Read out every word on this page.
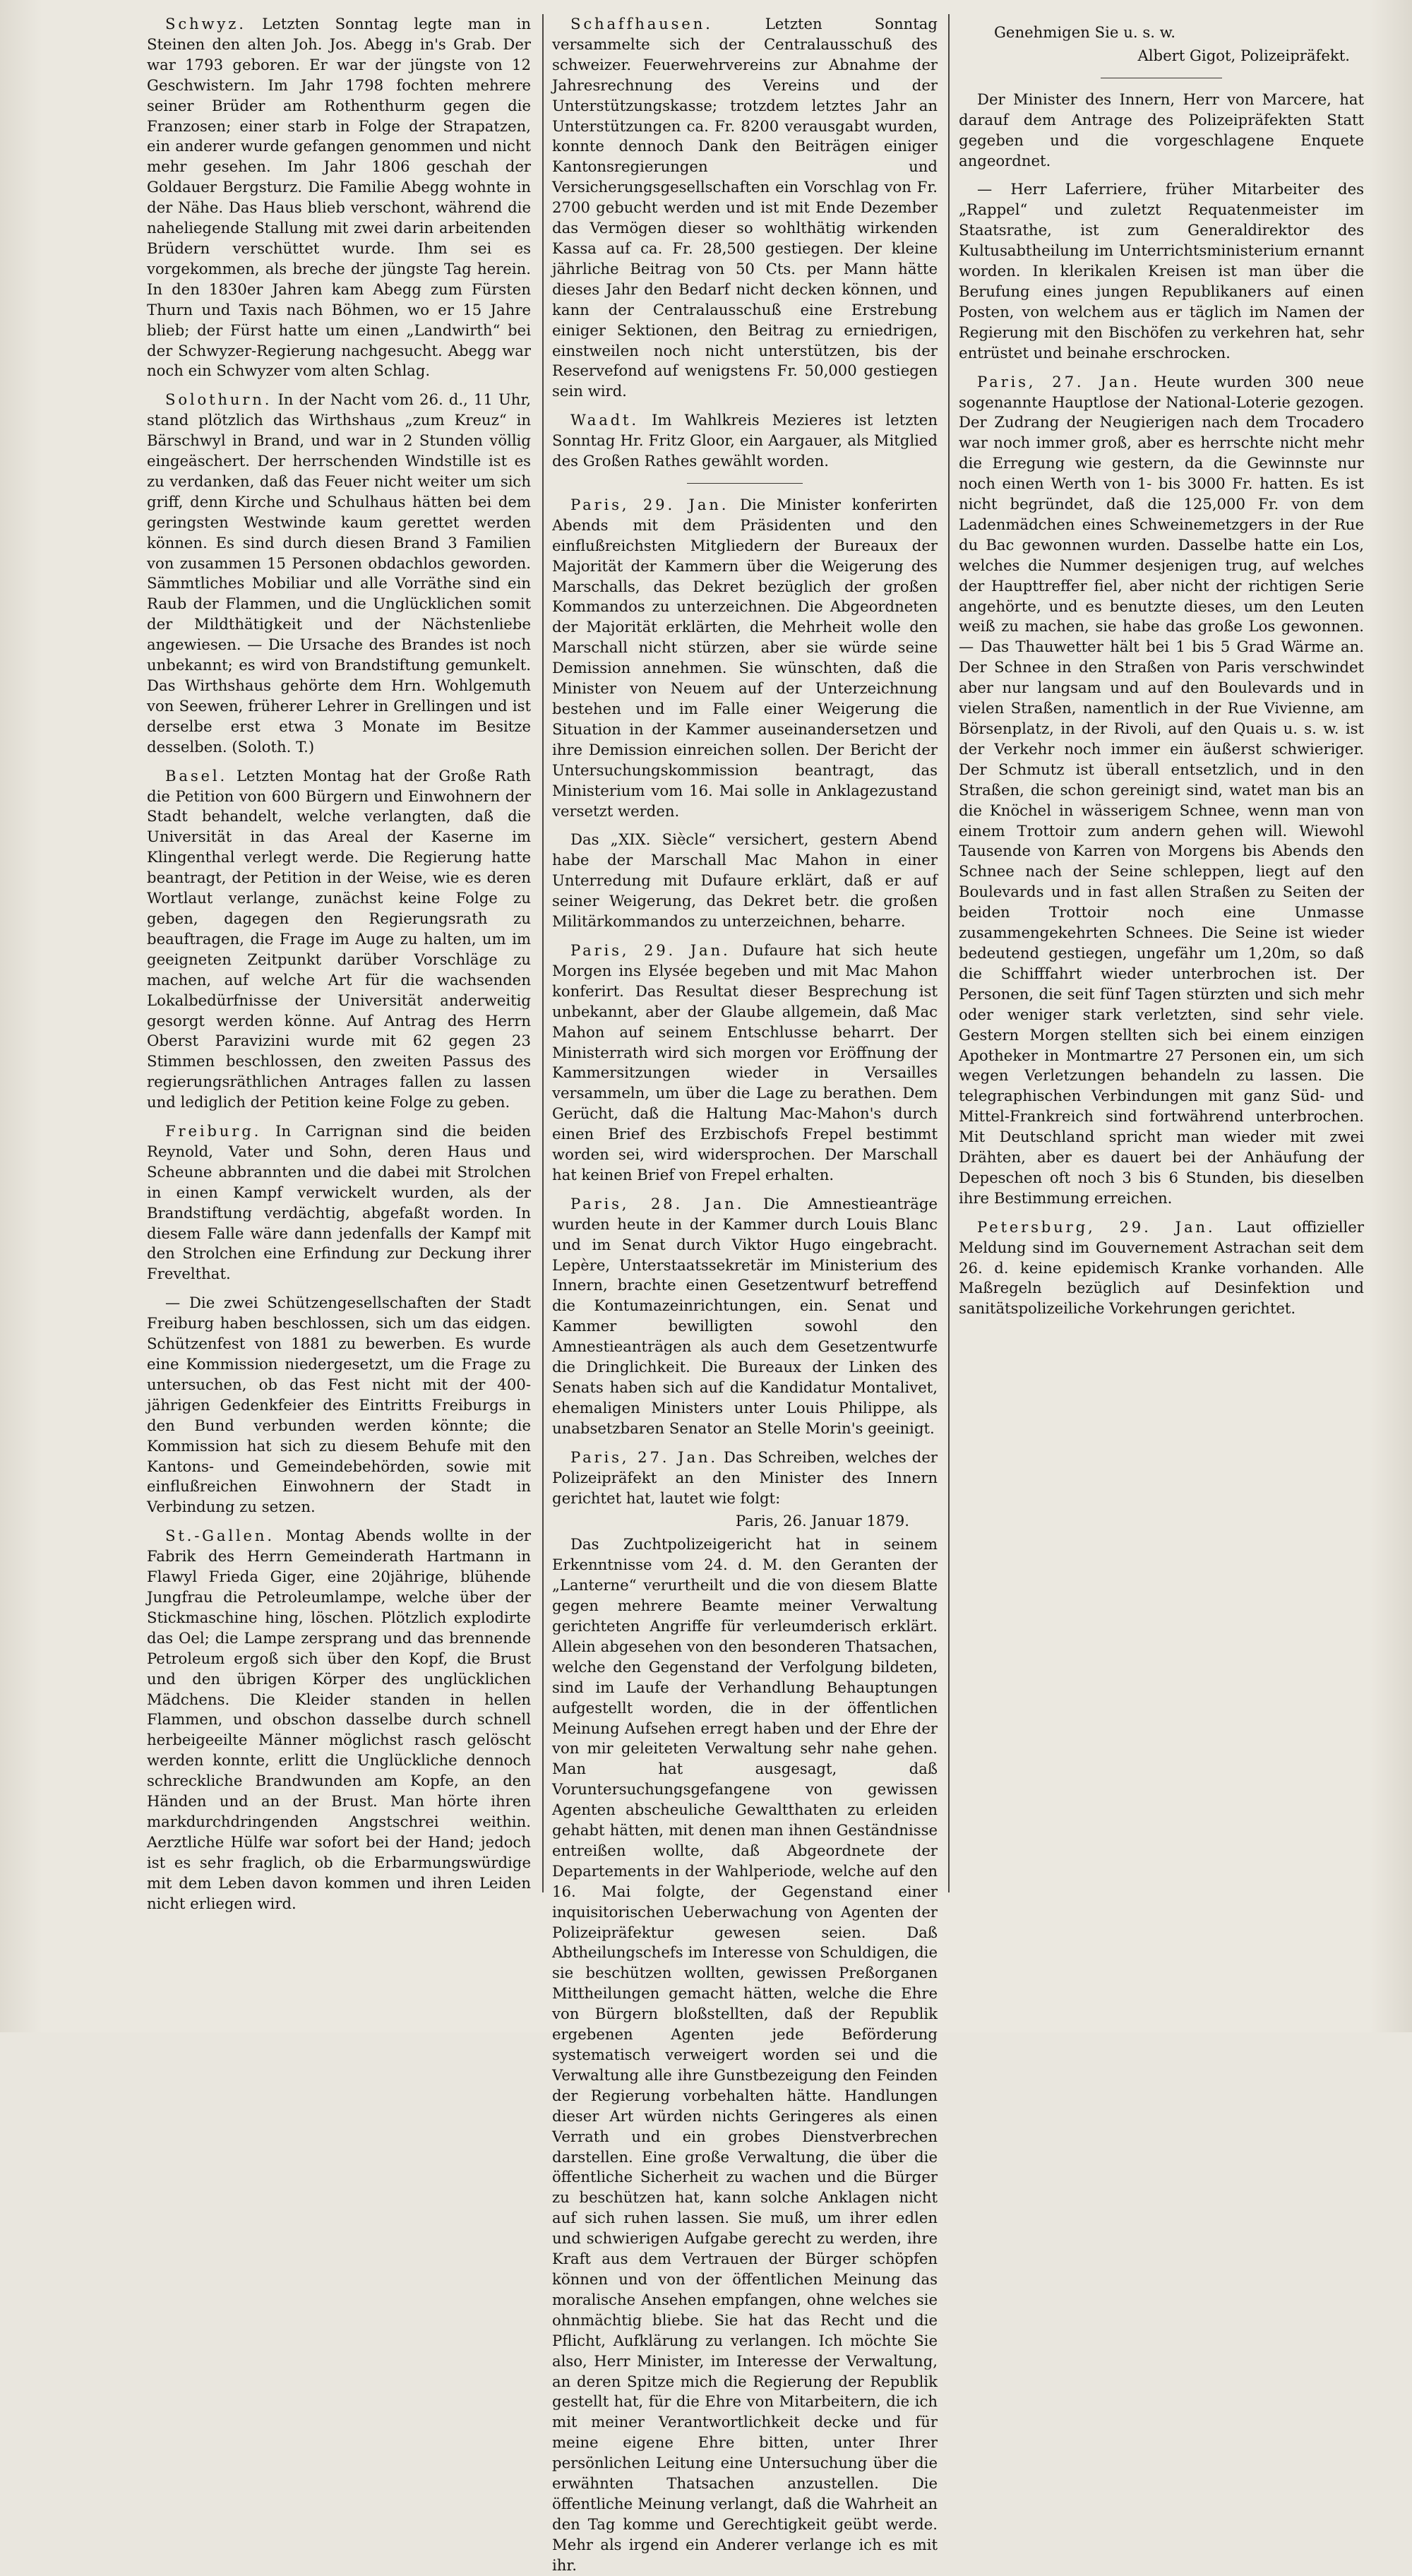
Schwyz. Letzten Sonntag legte man in Steinen den alten Joh. Jos. Abegg in's Grab. Der war 1793 geboren. Er war der jüngste von 12 Geschwistern. Im Jahr 1798 fochten mehrere seiner Brüder am Rothenthurm gegen die Franzosen; einer starb in Folge der Strapatzen, ein anderer wurde gefangen genommen und nicht mehr gesehen. Im Jahr 1806 geschah der Goldauer Bergsturz. Die Familie Abegg wohnte in der Nähe. Das Haus blieb verschont, während die naheliegende Stallung mit zwei darin arbeitenden Brüdern verschüttet wurde. Ihm sei es vorgekommen, als breche der jüngste Tag herein. In den 1830er Jahren kam Abegg zum Fürsten Thurn und Taxis nach Böhmen, wo er 15 Jahre blieb; der Fürst hatte um einen „Landwirth“ bei der Schwyzer-Regierung nachgesucht. Abegg war noch ein Schwyzer vom alten Schlag.
Solothurn. In der Nacht vom 26. d., 11 Uhr, stand plötzlich das Wirthshaus „zum Kreuz“ in Bärschwyl in Brand, und war in 2 Stunden völlig eingeäschert. Der herrschenden Windstille ist es zu verdanken, daß das Feuer nicht weiter um sich griff, denn Kirche und Schulhaus hätten bei dem geringsten Westwinde kaum gerettet werden können. Es sind durch diesen Brand 3 Familien von zusammen 15 Personen obdachlos geworden. Sämmtliches Mobiliar und alle Vorräthe sind ein Raub der Flammen, und die Unglücklichen somit der Mildthätigkeit und der Nächstenliebe angewiesen. — Die Ursache des Brandes ist noch unbekannt; es wird von Brandstiftung gemunkelt. Das Wirthshaus gehörte dem Hrn. Wohlgemuth von Seewen, früherer Lehrer in Grellingen und ist derselbe erst etwa 3 Monate im Besitze desselben. (Soloth. T.)
Basel. Letzten Montag hat der Große Rath die Petition von 600 Bürgern und Einwohnern der Stadt behandelt, welche verlangten, daß die Universität in das Areal der Kaserne im Klingenthal verlegt werde. Die Regierung hatte beantragt, der Petition in der Weise, wie es deren Wortlaut verlange, zunächst keine Folge zu geben, dagegen den Regierungsrath zu beauftragen, die Frage im Auge zu halten, um im geeigneten Zeitpunkt darüber Vorschläge zu machen, auf welche Art für die wachsenden Lokalbedürfnisse der Universität anderweitig gesorgt werden könne. Auf Antrag des Herrn Oberst Paravizini wurde mit 62 gegen 23 Stimmen beschlossen, den zweiten Passus des regierungsräthlichen Antrages fallen zu lassen und lediglich der Petition keine Folge zu geben.
Freiburg. In Carrignan sind die beiden Reynold, Vater und Sohn, deren Haus und Scheune abbrannten und die dabei mit Strolchen in einen Kampf verwickelt wurden, als der Brandstiftung verdächtig, abgefaßt worden. In diesem Falle wäre dann jedenfalls der Kampf mit den Strolchen eine Erfindung zur Deckung ihrer Frevelthat.
— Die zwei Schützengesellschaften der Stadt Freiburg haben beschlossen, sich um das eidgen. Schützenfest von 1881 zu bewerben. Es wurde eine Kommission niedergesetzt, um die Frage zu untersuchen, ob das Fest nicht mit der 400-jährigen Gedenkfeier des Eintritts Freiburgs in den Bund verbunden werden könnte; die Kommission hat sich zu diesem Behufe mit den Kantons- und Gemeindebehörden, sowie mit einflußreichen Einwohnern der Stadt in Verbindung zu setzen.
St.-Gallen. Montag Abends wollte in der Fabrik des Herrn Gemeinderath Hartmann in Flawyl Frieda Giger, eine 20jährige, blühende Jungfrau die Petroleumlampe, welche über der Stickmaschine hing, löschen. Plötzlich explodirte das Oel; die Lampe zersprang und das brennende Petroleum ergoß sich über den Kopf, die Brust und den übrigen Körper des unglücklichen Mädchens. Die Kleider standen in hellen Flammen, und obschon dasselbe durch schnell herbeigeeilte Männer möglichst rasch gelöscht werden konnte, erlitt die Unglückliche dennoch schreckliche Brandwunden am Kopfe, an den Händen und an der Brust. Man hörte ihren markdurchdringenden Angstschrei weithin. Aerztliche Hülfe war sofort bei der Hand; jedoch ist es sehr fraglich, ob die Erbarmungswürdige mit dem Leben davon kommen und ihren Leiden nicht erliegen wird.
Schaffhausen.	Letzten Sonntag versammelte sich der Centralausschuß des schweizer. Feuerwehrvereins zur Abnahme der Jahresrechnung des Vereins und der Unterstützungskasse; trotzdem letztes Jahr an Unterstützungen ca. Fr. 8200 verausgabt wurden, konnte dennoch Dank den Beiträgen einiger Kantonsregierungen und Versicherungsgesellschaften ein Vorschlag von Fr. 2700 gebucht werden und ist mit Ende Dezember das Vermögen dieser so wohlthätig wirkenden Kassa auf ca. Fr. 28,500 gestiegen. Der kleine jährliche Beitrag von 50 Cts. per Mann hätte dieses Jahr den Bedarf nicht decken können, und kann der Centralausschuß eine Erstrebung einiger Sektionen, den Beitrag zu erniedrigen, einstweilen noch nicht unterstützen, bis der Reservefond auf wenigstens Fr. 50,000 gestiegen sein wird.
Waadt. Im Wahlkreis Mezieres ist letzten Sonntag Hr. Fritz Gloor, ein Aargauer, als Mitglied des Großen Rathes gewählt worden.
Paris, 29. Jan. Die Minister konferirten Abends mit dem Präsidenten und den einflußreichsten Mitgliedern der Bureaux der Majorität der Kammern über die Weigerung des Marschalls, das Dekret bezüglich der großen Kommandos zu unterzeichnen. Die Abgeordneten der Majorität erklärten, die Mehrheit wolle den Marschall nicht stürzen, aber sie würde seine Demission annehmen. Sie wünschten, daß die Minister von Neuem auf der Unterzeichnung bestehen und im Falle einer Weigerung die Situation in der Kammer auseinandersetzen und ihre Demission einreichen sollen. Der Bericht der Untersuchungskommission beantragt, das Ministerium vom 16. Mai solle in Anklagezustand versetzt werden.
Das „XIX. Siècle“ versichert, gestern Abend habe der Marschall Mac Mahon in einer Unterredung mit Dufaure erklärt, daß er auf seiner Weigerung, das Dekret betr. die großen Militärkommandos zu unterzeichnen, beharre.
Paris, 29. Jan. Dufaure hat sich heute Morgen ins Elysée begeben und mit Mac Mahon konferirt. Das Resultat dieser Besprechung ist unbekannt, aber der Glaube allgemein, daß Mac Mahon auf seinem Entschlusse beharrt. Der Ministerrath wird sich morgen vor Eröffnung der Kammersitzungen wieder in Versailles versammeln, um über die Lage zu berathen. Dem Gerücht, daß die Haltung Mac-Mahon's durch einen Brief des Erzbischofs Frepel bestimmt worden sei, wird widersprochen. Der Marschall hat keinen Brief von Frepel erhalten.
Paris, 28. Jan. Die Amnestieanträge wurden heute in der Kammer durch Louis Blanc und im Senat durch Viktor Hugo eingebracht. Lepère, Unterstaatssekretär im Ministerium des Innern, brachte einen Gesetzentwurf betreffend die Kontumazeinrichtungen, ein. Senat und Kammer bewilligten sowohl den Amnestieanträgen als auch dem Gesetzentwurfe die Dringlichkeit. Die Bureaux der Linken des Senats haben sich auf die Kandidatur Montalivet, ehemaligen Ministers unter Louis Philippe, als unabsetzbaren Senator an Stelle Morin's geeinigt.
Paris, 27. Jan. Das Schreiben, welches der Polizeipräfekt an den Minister des Innern gerichtet hat, lautet wie folgt:
Paris, 26. Januar 1879.
Das Zuchtpolizeigericht hat in seinem Erkenntnisse vom 24. d. M. den Geranten der „Lanterne“ verurtheilt und die von diesem Blatte gegen mehrere Beamte meiner Verwaltung gerichteten Angriffe für verleumderisch erklärt. Allein abgesehen von den besonderen Thatsachen, welche den Gegenstand der Verfolgung bildeten, sind im Laufe der Verhandlung Behauptungen aufgestellt worden, die in der öffentlichen Meinung Aufsehen erregt haben und der Ehre der von mir geleiteten Verwaltung sehr nahe gehen. Man hat ausgesagt, daß Voruntersuchungsgefangene von gewissen Agenten abscheuliche Gewaltthaten zu erleiden gehabt hätten, mit denen man ihnen Geständnisse entreißen wollte, daß Abgeordnete der Departements in der Wahlperiode, welche auf den 16. Mai folgte, der Gegenstand einer inquisitorischen Ueberwachung von Agenten der Polizeipräfektur gewesen seien. Daß Abtheilungschefs im Interesse von Schuldigen, die sie beschützen wollten, gewissen Preßorganen Mittheilungen gemacht hätten, welche die Ehre von Bürgern bloßstellten, daß der Republik ergebenen Agenten jede Beförderung systematisch verweigert worden sei und die Verwaltung alle ihre Gunstbezeigung den Feinden der Regierung vorbehalten hätte. Handlungen dieser Art würden nichts Geringeres als einen Verrath und ein grobes Dienstverbrechen darstellen. Eine große Verwaltung, die über die öffentliche Sicherheit zu wachen und die Bürger zu beschützen hat, kann solche Anklagen nicht auf sich ruhen lassen. Sie muß, um ihrer edlen und schwierigen Aufgabe gerecht zu werden, ihre Kraft aus dem Vertrauen der Bürger schöpfen können und von der öffentlichen Meinung das moralische Ansehen empfangen, ohne welches sie ohnmächtig bliebe. Sie hat das Recht und die Pflicht, Aufklärung zu verlangen. Ich möchte Sie also, Herr Minister, im Interesse der Verwaltung, an deren Spitze mich die Regierung der Republik gestellt hat, für die Ehre von Mitarbeitern, die ich mit meiner Verantwortlichkeit decke und für meine eigene Ehre bitten, unter Ihrer persönlichen Leitung eine Untersuchung über die erwähnten Thatsachen anzustellen. Die öffentliche Meinung verlangt, daß die Wahrheit an den Tag komme und Gerechtigkeit geübt werde. Mehr als irgend ein Anderer verlange ich es mit ihr.
Genehmigen Sie u. s. w.
Albert Gigot, Polizeipräfekt.
Der Minister des Innern, Herr von Marcere, hat darauf dem Antrage des Polizeipräfekten Statt gegeben und die vorgeschlagene Enquete angeordnet.
— Herr Laferriere, früher Mitarbeiter des „Rappel“ und zuletzt Requatenmeister im Staatsrathe, ist zum Generaldirektor des Kultusabtheilung im Unterrichtsministerium ernannt worden. In klerikalen Kreisen ist man über die Berufung eines jungen Republikaners auf einen Posten, von welchem aus er täglich im Namen der Regierung mit den Bischöfen zu verkehren hat, sehr entrüstet und beinahe erschrocken.
Paris, 27. Jan. Heute wurden 300 neue sogenannte Hauptlose der National-Loterie gezogen. Der Zudrang der Neugierigen nach dem Trocadero war noch immer groß, aber es herrschte nicht mehr die Erregung wie gestern, da die Gewinnste nur noch einen Werth von 1- bis 3000 Fr. hatten. Es ist nicht begründet, daß die 125,000 Fr. von dem Ladenmädchen eines Schweinemetzgers in der Rue du Bac gewonnen wurden. Dasselbe hatte ein Los, welches die Nummer desjenigen trug, auf welches der Haupttreffer fiel, aber nicht der richtigen Serie angehörte, und es benutzte dieses, um den Leuten weiß zu machen, sie habe das große Los gewonnen. — Das Thauwetter hält bei 1 bis 5 Grad Wärme an. Der Schnee in den Straßen von Paris verschwindet aber nur langsam und auf den Boulevards und in vielen Straßen, namentlich in der Rue Vivienne, am Börsenplatz, in der Rivoli, auf den Quais u. s. w. ist der Verkehr noch immer ein äußerst schwieriger. Der Schmutz ist überall entsetzlich, und in den Straßen, die schon gereinigt sind, watet man bis an die Knöchel in wässerigem Schnee, wenn man von einem Trottoir zum andern gehen will. Wiewohl Tausende von Karren von Morgens bis Abends den Schnee nach der Seine schleppen, liegt auf den Boulevards und in fast allen Straßen zu Seiten der beiden Trottoir noch eine Unmasse zusammengekehrten Schnees. Die Seine ist wieder bedeutend gestiegen, ungefähr um 1,20m, so daß die Schifffahrt wieder unterbrochen ist. Der Personen, die seit fünf Tagen stürzten und sich mehr oder weniger stark verletzten, sind sehr viele. Gestern Morgen stellten sich bei einem einzigen Apotheker in Montmartre 27 Personen ein, um sich wegen Verletzungen behandeln zu lassen. Die telegraphischen Verbindungen mit ganz Süd- und Mittel-Frankreich sind fortwährend unterbrochen. Mit Deutschland spricht man wieder mit zwei Drähten, aber es dauert bei der Anhäufung der Depeschen oft noch 3 bis 6 Stunden, bis dieselben ihre Bestimmung erreichen.
Petersburg, 29. Jan. Laut offizieller Meldung sind im Gouvernement Astrachan seit dem 26. d. keine epidemisch Kranke vorhanden. Alle Maßregeln bezüglich auf Desinfektion und sanitätspolizeiliche Vorkehrungen gerichtet.
